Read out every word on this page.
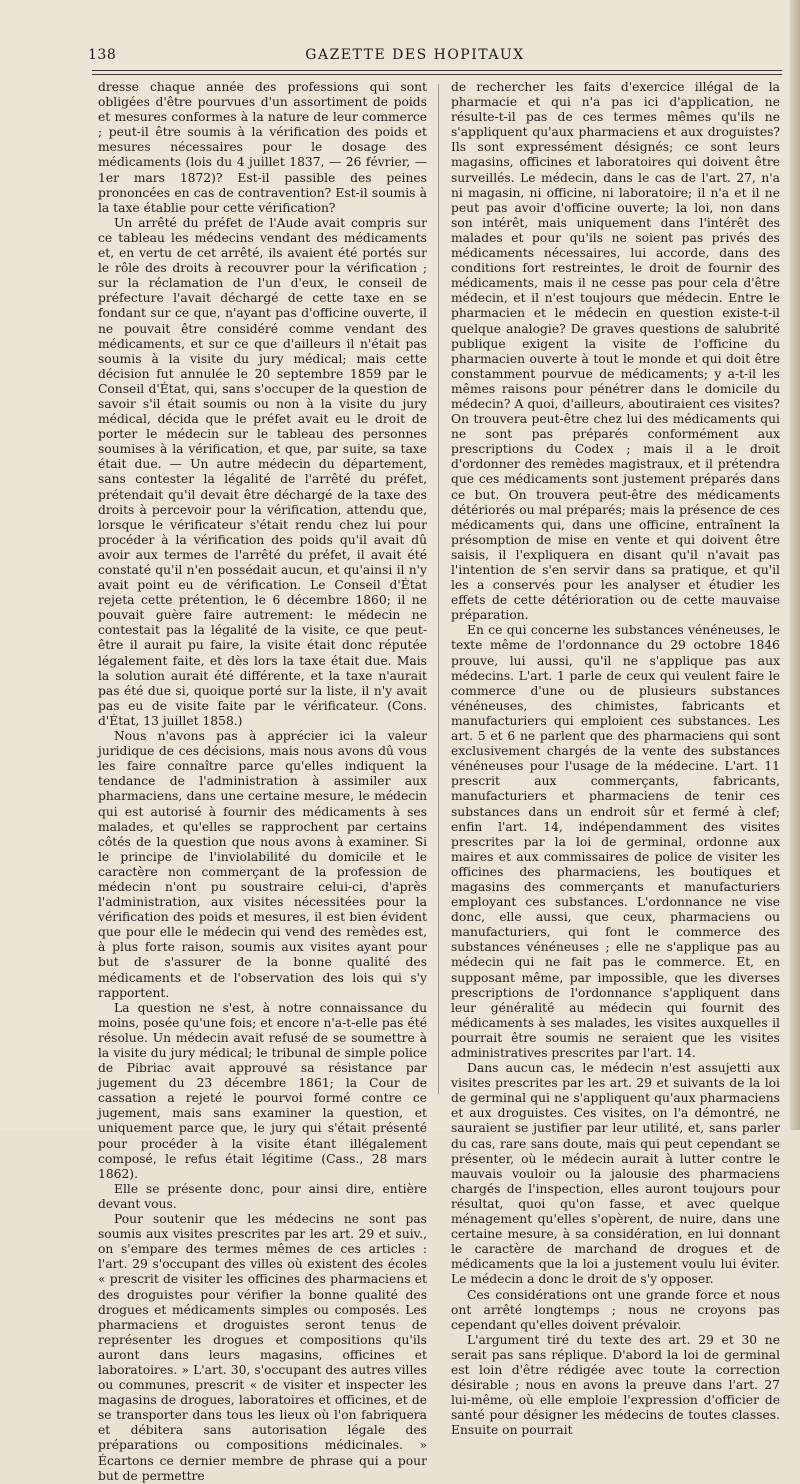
138	GAZETTE DES HOPITAUX

dresse chaque année des professions qui sont obligées d'être pourvues d'un assortiment de poids et mesures conformes à la nature de leur commerce ; peut-il être soumis à la vérification des poids et mesures nécessaires pour le dosage des médicaments (lois du 4 juillet 1837, — 26 février, — 1er mars 1872)? Est-il passible des peines prononcées en cas de contravention? Est-il soumis à la taxe établie pour cette vérification?

Un arrêté du préfet de l'Aude avait compris sur ce tableau les médecins vendant des médicaments et, en vertu de cet arrêté, ils avaient été portés sur le rôle des droits à recouvrer pour la vérification ; sur la réclamation de l'un d'eux, le conseil de préfecture l'avait déchargé de cette taxe en se fondant sur ce que, n'ayant pas d'officine ouverte, il ne pouvait être considéré comme vendant des médicaments, et sur ce que d'ailleurs il n'était pas soumis à la visite du jury médical; mais cette décision fut annulée le 20 septembre 1859 par le Conseil d'État, qui, sans s'occuper de la question de savoir s'il était soumis ou non à la visite du jury médical, décida que le préfet avait eu le droit de porter le médecin sur le tableau des personnes soumises à la vérification, et que, par suite, sa taxe était due. — Un autre médecin du département, sans contester la légalité de l'arrêté du préfet, prétendait qu'il devait être déchargé de la taxe des droits à percevoir pour la vérification, attendu que, lorsque le vérificateur s'était rendu chez lui pour procéder à la vérification des poids qu'il avait dû avoir aux termes de l'arrêté du préfet, il avait été constaté qu'il n'en possédait aucun, et qu'ainsi il n'y avait point eu de vérification. Le Conseil d'État rejeta cette prétention, le 6 décembre 1860; il ne pouvait guère faire autrement: le médecin ne contestait pas la légalité de la visite, ce que peut-être il aurait pu faire, la visite était donc réputée légalement faite, et dès lors la taxe était due. Mais la solution aurait été différente, et la taxe n'aurait pas été due si, quoique porté sur la liste, il n'y avait pas eu de visite faite par le vérificateur. (Cons. d'État, 13 juillet 1858.)

Nous n'avons pas à apprécier ici la valeur juridique de ces décisions, mais nous avons dû vous les faire connaître parce qu'elles indiquent la tendance de l'administration à assimiler aux pharmaciens, dans une certaine mesure, le médecin qui est autorisé à fournir des médicaments à ses malades, et qu'elles se rapprochent par certains côtés de la question que nous avons à examiner. Si le principe de l'inviolabilité du domicile et le caractère non commerçant de la profession de médecin n'ont pu soustraire celui-ci, d'après l'administration, aux visites nécessitées pour la vérification des poids et mesures, il est bien évident que pour elle le médecin qui vend des remèdes est, à plus forte raison, soumis aux visites ayant pour but de s'assurer de la bonne qualité des médicaments et de l'observation des lois qui s'y rapportent.

La question ne s'est, à notre connaissance du moins, posée qu'une fois; et encore n'a-t-elle pas été résolue. Un médecin avait refusé de se soumettre à la visite du jury médical; le tribunal de simple police de Pibriac avait approuvé sa résistance par jugement du 23 décembre 1861; la Cour de cassation a rejeté le pourvoi formé contre ce jugement, mais sans examiner la question, et uniquement parce que, le jury qui s'était présenté pour procéder à la visite étant illégalement composé, le refus était légitime (Cass., 28 mars 1862).

Elle se présente donc, pour ainsi dire, entière devant vous.

Pour soutenir que les médecins ne sont pas soumis aux visites prescrites par les art. 29 et suiv., on s'empare des termes mêmes de ces articles : l'art. 29 s'occupant des villes où existent des écoles « prescrit de visiter les officines des pharmaciens et des droguistes pour vérifier la bonne qualité des drogues et médicaments simples ou composés. Les pharmaciens et droguistes seront tenus de représenter les drogues et compositions qu'ils auront dans leurs magasins, officines et laboratoires. » L'art. 30, s'occupant des autres villes ou communes, prescrit « de visiter et inspecter les magasins de drogues, laboratoires et officines, et de se transporter dans tous les lieux où l'on fabriquera et débitera sans autorisation légale des préparations ou compositions médicinales. » Écartons ce dernier membre de phrase qui a pour but de permettre

de rechercher les faits d'exercice illégal de la pharmacie et qui n'a pas ici d'application, ne résulte-t-il pas de ces termes mêmes qu'ils ne s'appliquent qu'aux pharmaciens et aux droguistes? Ils sont expressément désignés; ce sont leurs magasins, officines et laboratoires qui doivent être surveillés. Le médecin, dans le cas de l'art. 27, n'a ni magasin, ni officine, ni laboratoire; il n'a et il ne peut pas avoir d'officine ouverte; la loi, non dans son intérêt, mais uniquement dans l'intérêt des malades et pour qu'ils ne soient pas privés des médicaments nécessaires, lui accorde, dans des conditions fort restreintes, le droit de fournir des médicaments, mais il ne cesse pas pour cela d'être médecin, et il n'est toujours que médecin. Entre le pharmacien et le médecin en question existe-t-il quelque analogie? De graves questions de salubrité publique exigent la visite de l'officine du pharmacien ouverte à tout le monde et qui doit être constamment pourvue de médicaments; y a-t-il les mêmes raisons pour pénétrer dans le domicile du médecin? A quoi, d'ailleurs, aboutiraient ces visites? On trouvera peut-être chez lui des médicaments qui ne sont pas préparés conformément aux prescriptions du Codex ; mais il a le droit d'ordonner des remèdes magistraux, et il prétendra que ces médicaments sont justement préparés dans ce but. On trouvera peut-être des médicaments détériorés ou mal préparés; mais la présence de ces médicaments qui, dans une officine, entraînent la présomption de mise en vente et qui doivent être saisis, il l'expliquera en disant qu'il n'avait pas l'intention de s'en servir dans sa pratique, et qu'il les a conservés pour les analyser et étudier les effets de cette détérioration ou de cette mauvaise préparation.

En ce qui concerne les substances vénéneuses, le texte même de l'ordonnance du 29 octobre 1846 prouve, lui aussi, qu'il ne s'applique pas aux médecins. L'art. 1 parle de ceux qui veulent faire le commerce d'une ou de plusieurs substances vénéneuses, des chimistes, fabricants et manufacturiers qui emploient ces substances. Les art. 5 et 6 ne parlent que des pharmaciens qui sont exclusivement chargés de la vente des substances vénéneuses pour l'usage de la médecine. L'art. 11 prescrit aux commerçants, fabricants, manufacturiers et pharmaciens de tenir ces substances dans un endroit sûr et fermé à clef; enfin l'art. 14, indépendamment des visites prescrites par la loi de germinal, ordonne aux maires et aux commissaires de police de visiter les officines des pharmaciens, les boutiques et magasins des commerçants et manufacturiers employant ces substances. L'ordonnance ne vise donc, elle aussi, que ceux, pharmaciens ou manufacturiers, qui font le commerce des substances vénéneuses ; elle ne s'applique pas au médecin qui ne fait pas le commerce. Et, en supposant même, par impossible, que les diverses prescriptions de l'ordonnance s'appliquent dans leur généralité au médecin qui fournit des médicaments à ses malades, les visites auxquelles il pourrait être soumis ne seraient que les visites administratives prescrites par l'art. 14.

Dans aucun cas, le médecin n'est assujetti aux visites prescrites par les art. 29 et suivants de la loi de germinal qui ne s'appliquent qu'aux pharmaciens et aux droguistes. Ces visites, on l'a démontré, ne sauraient se justifier par leur utilité, et, sans parler du cas, rare sans doute, mais qui peut cependant se présenter, où le médecin aurait à lutter contre le mauvais vouloir ou la jalousie des pharmaciens chargés de l'inspection, elles auront toujours pour résultat, quoi qu'on fasse, et avec quelque ménagement qu'elles s'opèrent, de nuire, dans une certaine mesure, à sa considération, en lui donnant le caractère de marchand de drogues et de médicaments que la loi a justement voulu lui éviter. Le médecin a donc le droit de s'y opposer.

Ces considérations ont une grande force et nous ont arrêté longtemps ; nous ne croyons pas cependant qu'elles doivent prévaloir.

L'argument tiré du texte des art. 29 et 30 ne serait pas sans réplique. D'abord la loi de germinal est loin d'être rédigée avec toute la correction désirable ; nous en avons la preuve dans l'art. 27 lui-même, où elle emploie l'expression d'officier de santé pour désigner les médecins de toutes classes. Ensuite on pourrait
